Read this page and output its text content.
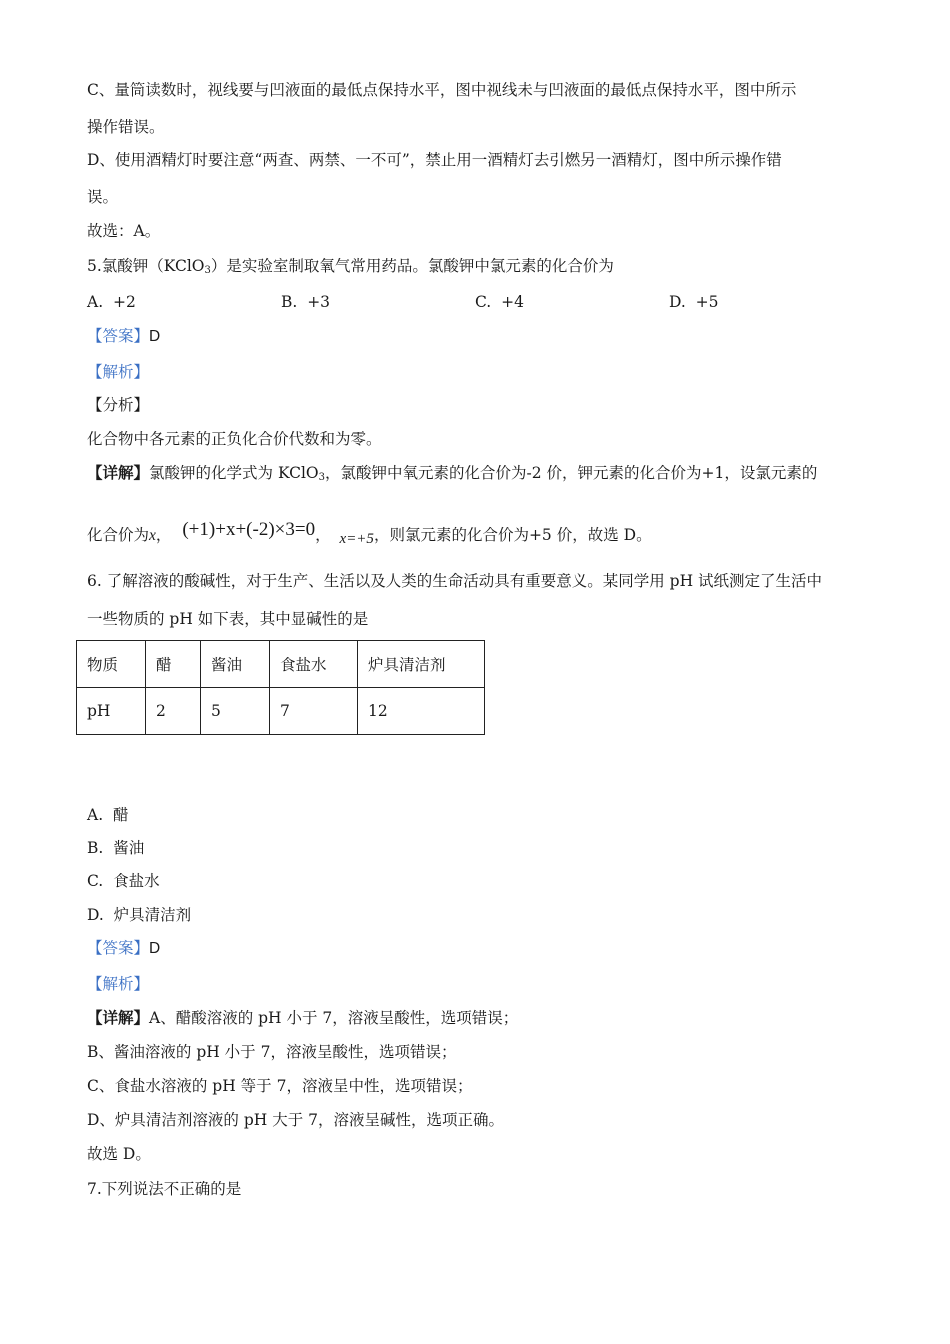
C、量筒读数时，视线要与凹液面的最低点保持水平，图中视线未与凹液面的最低点保持水平，图中所示
操作错误。
D、使用酒精灯时要注意“两查、两禁、一不可”，禁止用一酒精灯去引燃另一酒精灯，图中所示操作错
误。
故选：A。
5.氯酸钾（KClO$_3$）是实验室制取氧气常用药品。氯酸钾中氯元素的化合价为
A. +2	B. +3	C. +4	D. +5
【答案】D
【解析】
【分析】
化合物中各元素的正负化合价代数和为零。
【详解】氯酸钾的化学式为 KClO$_3$，氯酸钾中氧元素的化合价为-2 价，钾元素的化合价为+1，设氯元素的
化合价为x， (+1)+x+(-2)×3=0， x=+5，则氯元素的化合价为+5 价，故选 D。
6. 了解溶液的酸碱性，对于生产、生活以及人类的生命活动具有重要意义。某同学用 pH 试纸测定了生活中
一些物质的 pH 如下表，其中显碱性的是
物质	醋	酱油	食盐水	炉具清洁剂
pH	2	5	7	12
A. 醋
B. 酱油
C. 食盐水
D. 炉具清洁剂
【答案】D
【解析】
【详解】A、醋酸溶液的 pH 小于 7，溶液呈酸性，选项错误；
B、酱油溶液的 pH 小于 7，溶液呈酸性，选项错误；
C、食盐水溶液的 pH 等于 7，溶液呈中性，选项错误；
D、炉具清洁剂溶液的 pH 大于 7，溶液呈碱性，选项正确。
故选 D。
7.下列说法不正确的是
